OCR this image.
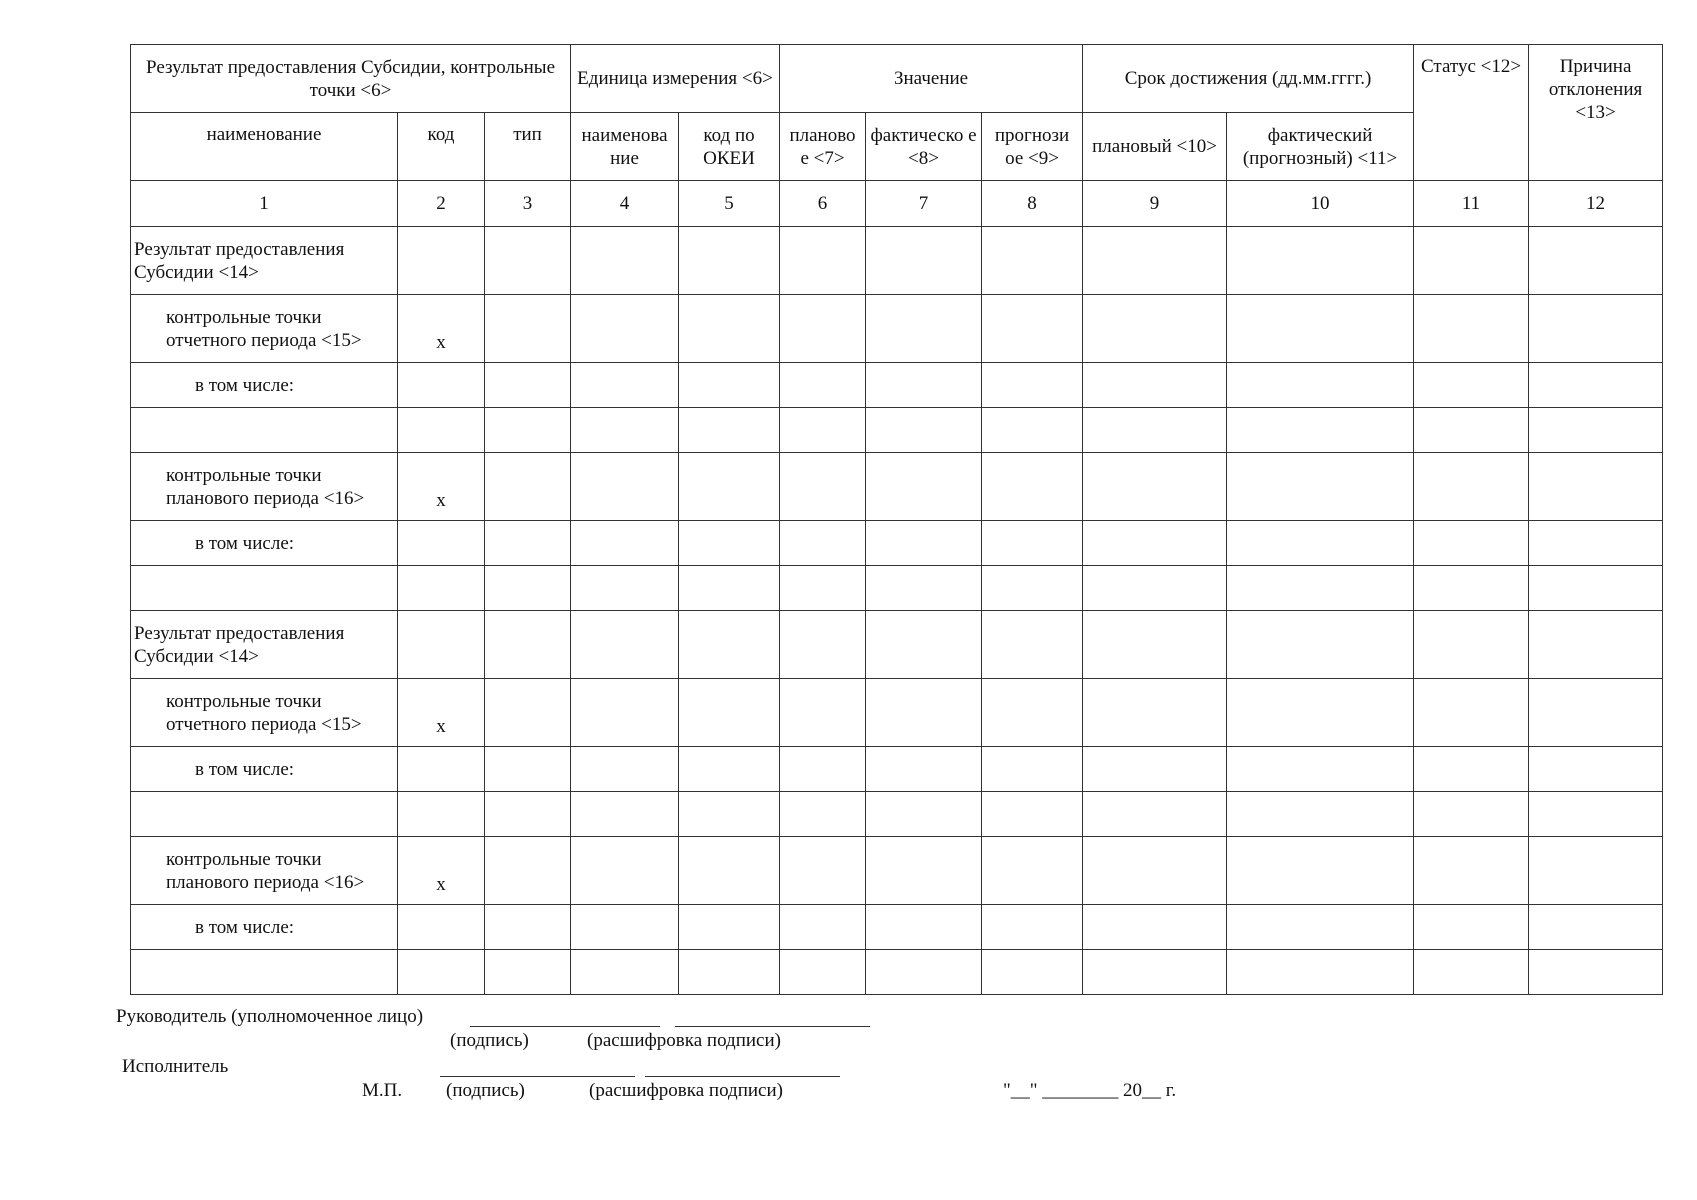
Результат предоставления Субсидии, контрольные точки <6>			Единица измерения <6>		Значение			Срок достижения (дд.мм.гггг.)		Статус <12>	Причина отклонения <13>
наименование	код	тип	наименова ние	код по ОКЕИ	планово е <7>	фактическо е <8>	прогнози ое <9>	плановый <10>	фактический (прогнозный) <11>		
1	2	3	4	5	6	7	8	9	10	11	12
Результат предоставления Субсидии <14>											
контрольные точки отчетного периода <15>	x										
в том числе:											

контрольные точки планового периода <16>	x										
в том числе:											

Результат предоставления Субсидии <14>											
контрольные точки отчетного периода <15>	x										
в том числе:											

контрольные точки планового периода <16>	x										
в том числе:											

Руководитель (уполномоченное лицо)
(подпись)	(расшифровка подписи)
Исполнитель
М.П. (подпись)	(расшифровка подписи)	"__" ________ 20__ г.
